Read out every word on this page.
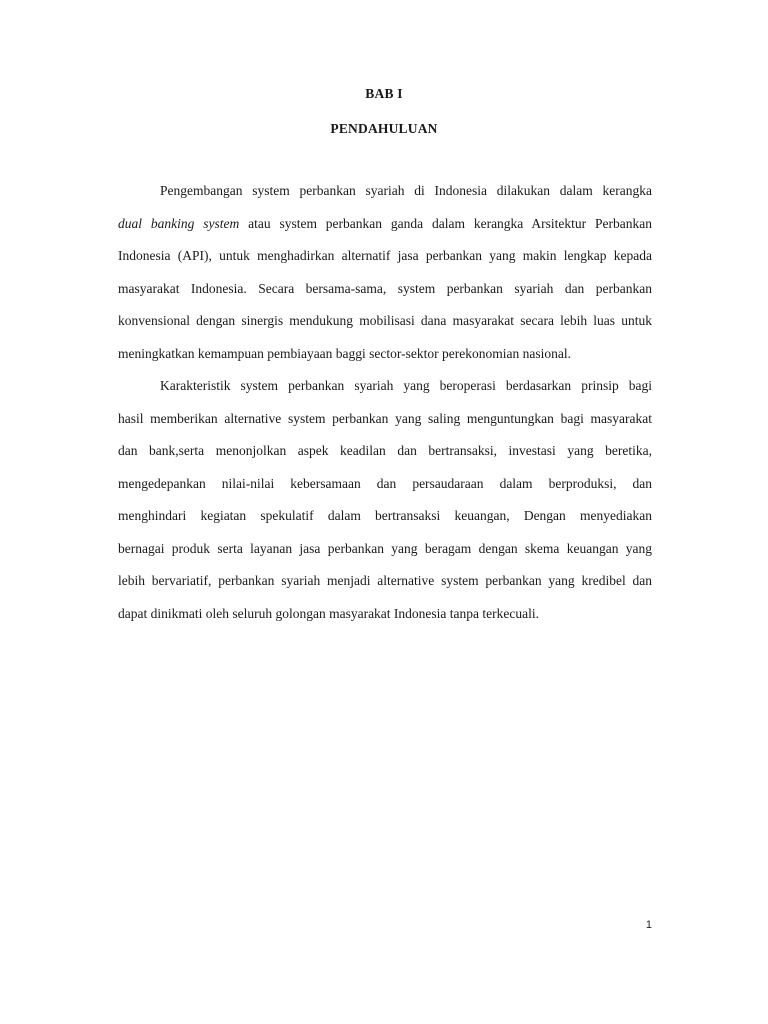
BAB I
PENDAHULUAN
Pengembangan system perbankan syariah di Indonesia dilakukan dalam kerangka
dual banking system atau system perbankan ganda dalam kerangka Arsitektur Perbankan
Indonesia (API), untuk menghadirkan alternatif jasa perbankan yang makin lengkap kepada
masyarakat Indonesia. Secara bersama-sama, system perbankan syariah dan perbankan
konvensional dengan sinergis mendukung mobilisasi dana masyarakat secara lebih luas untuk
meningkatkan kemampuan pembiayaan baggi sector-sektor perekonomian nasional.
Karakteristik system perbankan syariah yang beroperasi berdasarkan prinsip bagi
hasil memberikan alternative system perbankan yang saling menguntungkan bagi masyarakat
dan bank,serta menonjolkan aspek keadilan dan bertransaksi, investasi yang beretika,
mengedepankan nilai-nilai kebersamaan dan persaudaraan dalam berproduksi, dan
menghindari kegiatan spekulatif dalam bertransaksi keuangan, Dengan menyediakan
bernagai produk serta layanan jasa perbankan yang beragam dengan skema keuangan yang
lebih bervariatif, perbankan syariah menjadi alternative system perbankan yang kredibel dan
dapat dinikmati oleh seluruh golongan masyarakat Indonesia tanpa terkecuali.
1
